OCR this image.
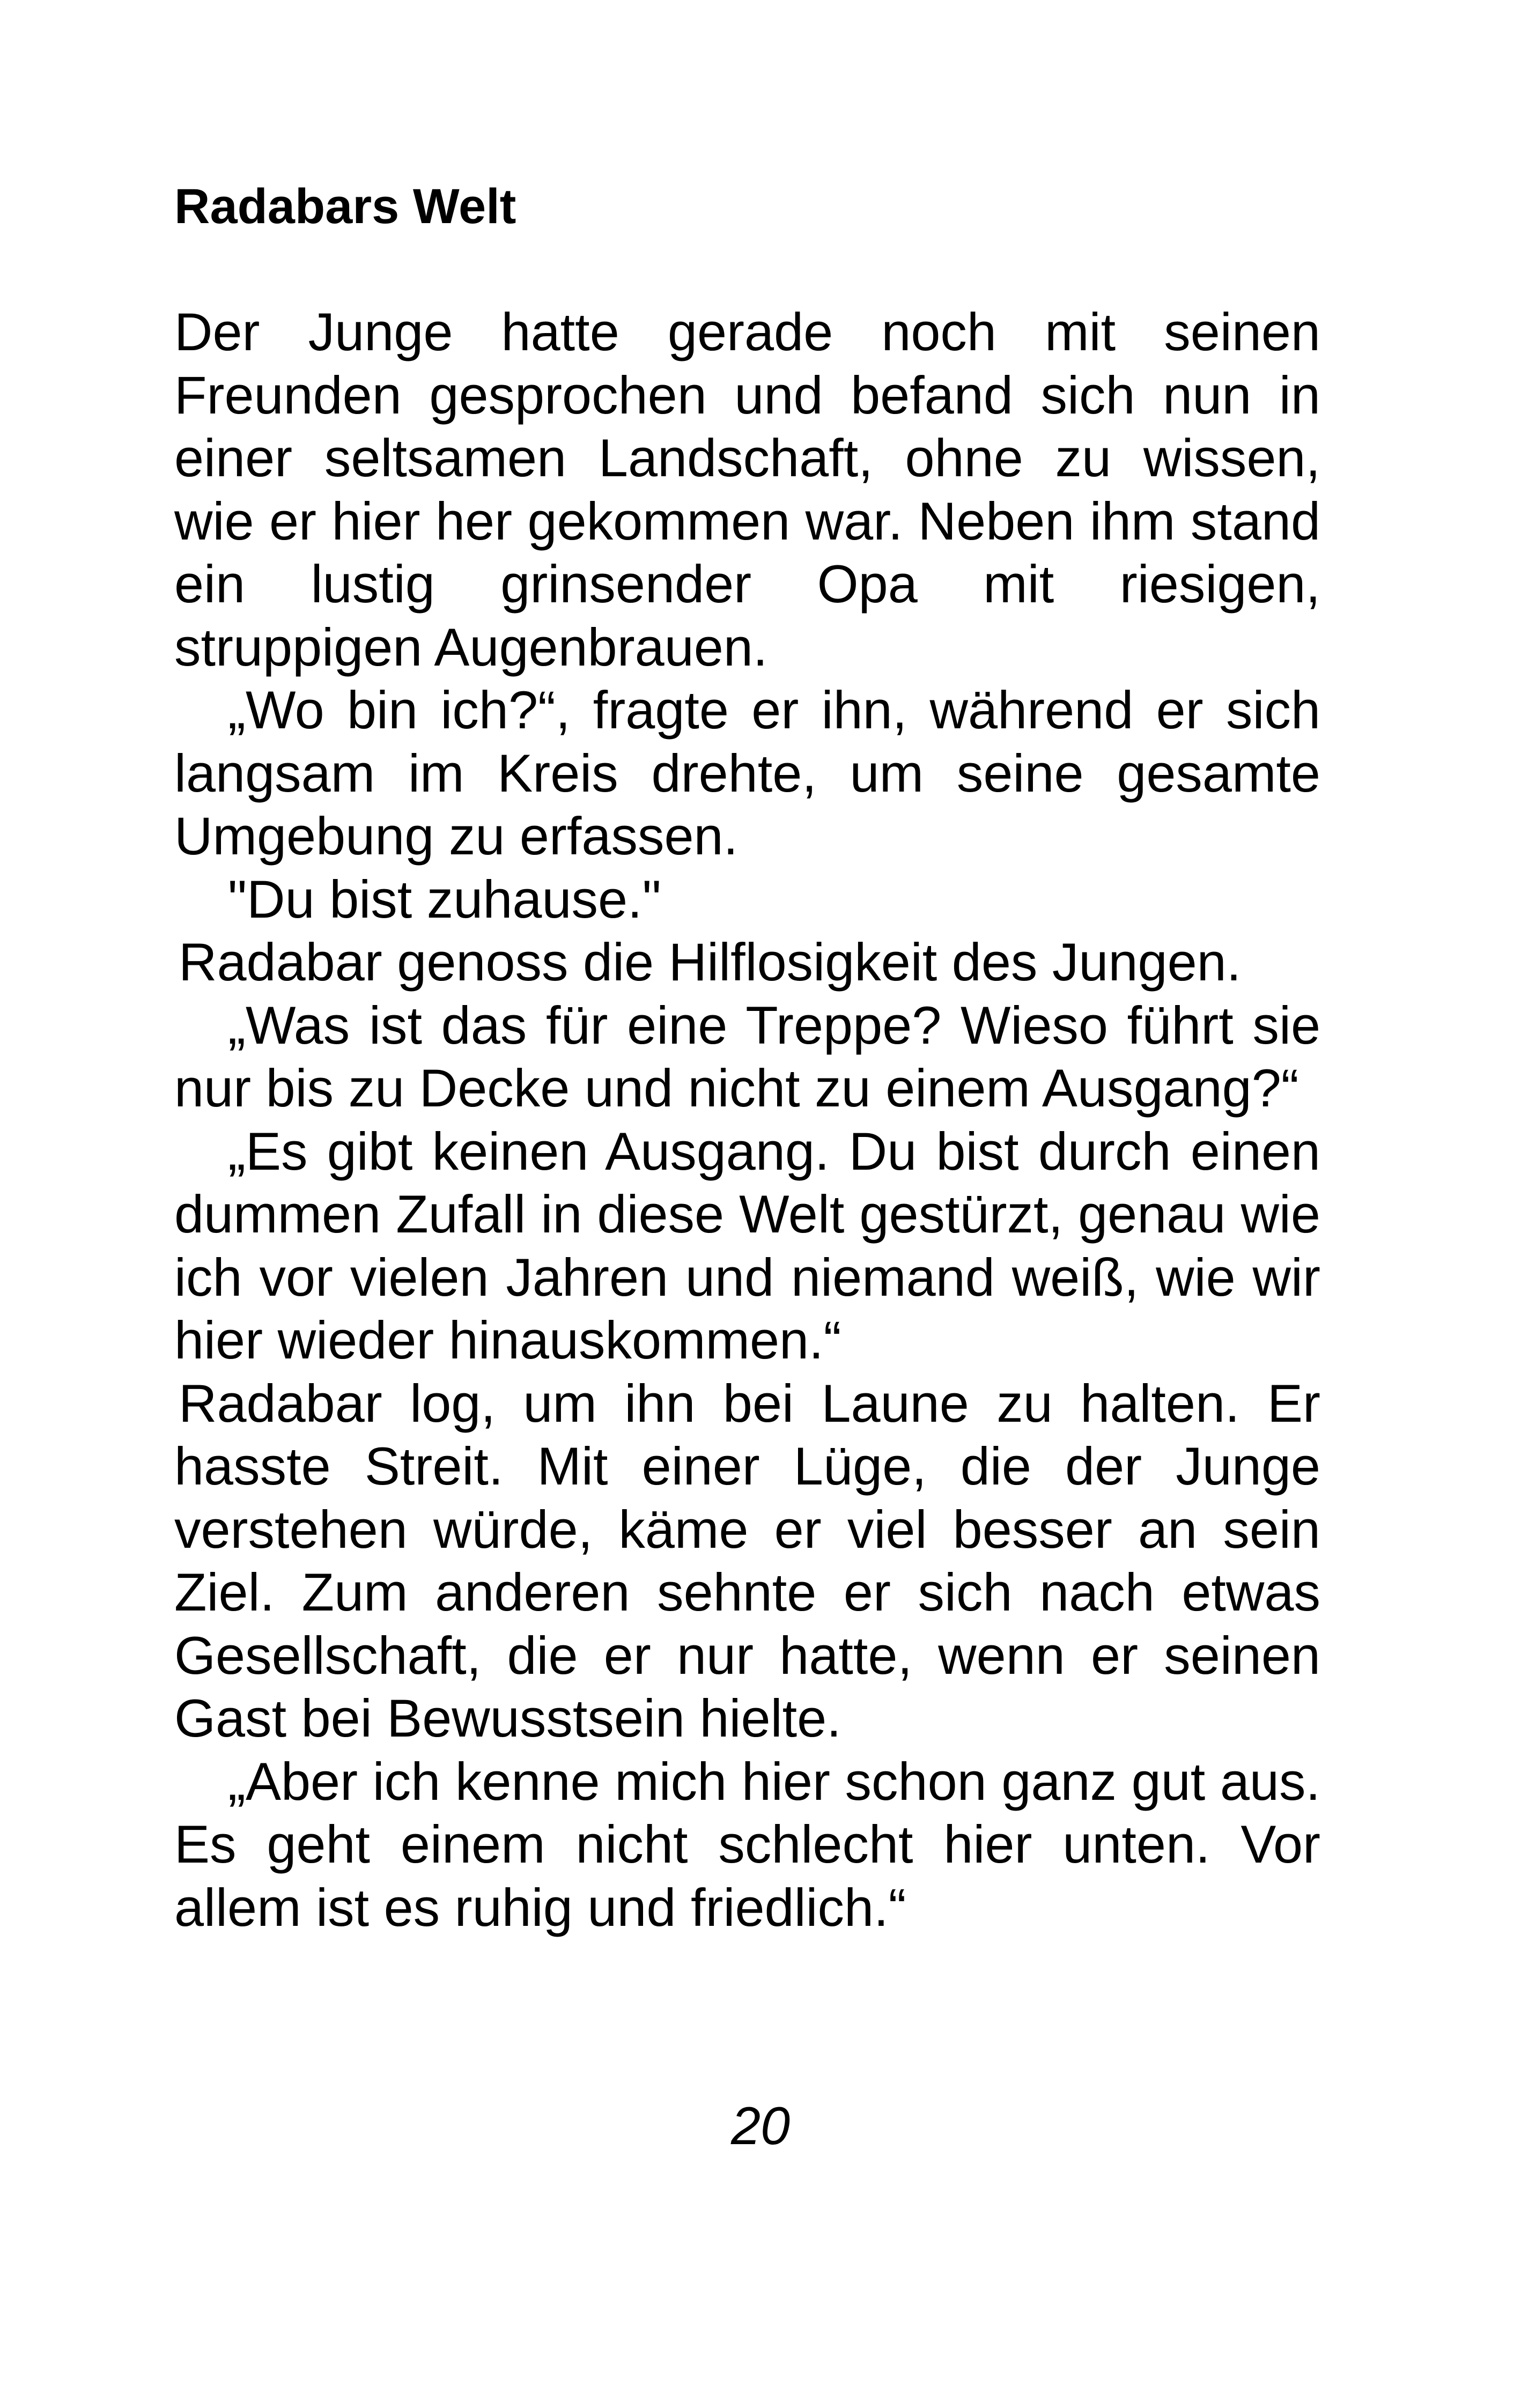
Radabars Welt

Der Junge hatte gerade noch mit seinen Freunden gesprochen und befand sich nun in einer seltsamen Landschaft, ohne zu wissen, wie er hier her gekommen war. Neben ihm stand ein lustig grinsender Opa mit riesigen, struppigen Augenbrauen.

„Wo bin ich?“, fragte er ihn, während er sich langsam im Kreis drehte, um seine gesamte Umgebung zu erfassen.

"Du bist zuhause."

Radabar genoss die Hilflosigkeit des Jungen.

„Was ist das für eine Treppe? Wieso führt sie nur bis zu Decke und nicht zu einem Ausgang?“

„Es gibt keinen Ausgang. Du bist durch einen dummen Zufall in diese Welt gestürzt, genau wie ich vor vielen Jahren und niemand weiß, wie wir hier wieder hinauskommen.“

Radabar log, um ihn bei Laune zu halten. Er hasste Streit. Mit einer Lüge, die der Junge verstehen würde, käme er viel besser an sein Ziel. Zum anderen sehnte er sich nach etwas Gesellschaft, die er nur hatte, wenn er seinen Gast bei Bewusstsein hielte.

„Aber ich kenne mich hier schon ganz gut aus. Es geht einem nicht schlecht hier unten. Vor allem ist es ruhig und friedlich.“

20
